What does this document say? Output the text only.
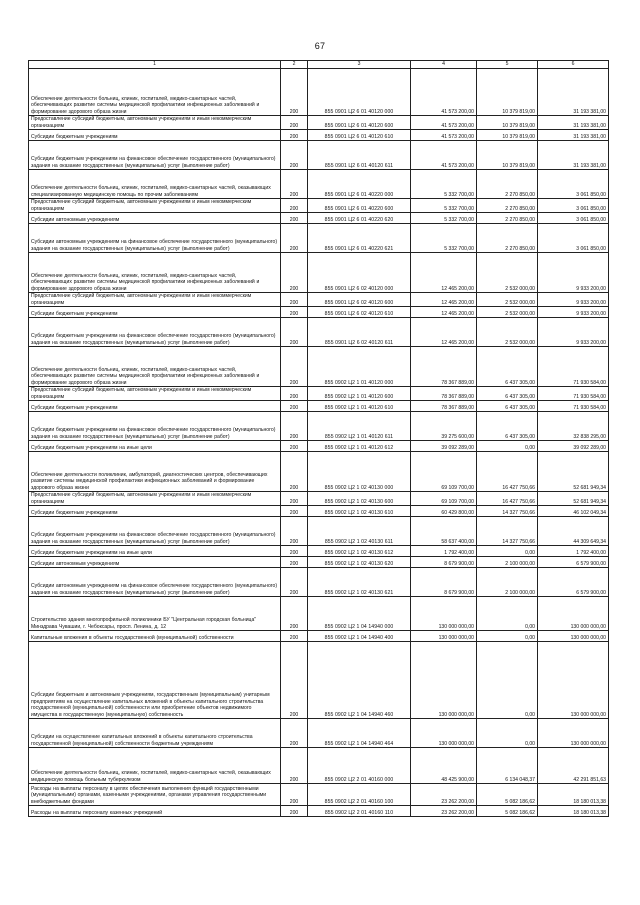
67
1	2	3	4	5	6
Обеспечение деятельности больниц, клиник, госпиталей, медико-санитарных частей, обеспечивающих развитие системы медицинской профилактики инфекционных заболеваний и формирование здорового образа жизни	200	855 0901 Ц2 6 01 40120 000	41 573 200,00	10 379 819,00	31 193 381,00
Предоставление субсидий бюджетным, автономным учреждениям и иным некоммерческим организациям	200	855 0901 Ц2 6 01 40120 600	41 573 200,00	10 379 819,00	31 193 381,00
Субсидии бюджетным учреждениям	200	855 0901 Ц2 6 01 40120 610	41 573 200,00	10 379 819,00	31 193 381,00
Субсидии бюджетным учреждениям на финансовое обеспечение государственного (муниципального) задания на оказание государственных (муниципальных) услуг (выполнение работ)	200	855 0901 Ц2 6 01 40120 611	41 573 200,00	10 379 819,00	31 193 381,00
Обеспечение деятельности больниц, клиник, госпиталей, медико-санитарных частей, оказывающих специализированную медицинскую помощь по прочим заболеваниям	200	855 0901 Ц2 6 01 40220 000	5 332 700,00	2 270 850,00	3 061 850,00
Предоставление субсидий бюджетным, автономным учреждениям и иным некоммерческим организациям	200	855 0901 Ц2 6 01 40220 600	5 332 700,00	2 270 850,00	3 061 850,00
Субсидии автономным учреждениям	200	855 0901 Ц2 6 01 40220 620	5 332 700,00	2 270 850,00	3 061 850,00
Субсидии автономным учреждениям на финансовое обеспечение государственного (муниципального) задания на оказание государственных (муниципальных) услуг (выполнение работ)	200	855 0901 Ц2 6 01 40220 621	5 332 700,00	2 270 850,00	3 061 850,00
Обеспечение деятельности больниц, клиник, госпиталей, медико-санитарных частей, обеспечивающих развитие системы медицинской профилактики инфекционных заболеваний и формирование здорового образа жизни	200	855 0901 Ц2 6 02 40120 000	12 465 200,00	2 532 000,00	9 933 200,00
Предоставление субсидий бюджетным, автономным учреждениям и иным некоммерческим организациям	200	855 0901 Ц2 6 02 40120 600	12 465 200,00	2 532 000,00	9 933 200,00
Субсидии бюджетным учреждениям	200	855 0901 Ц2 6 02 40120 610	12 465 200,00	2 532 000,00	9 933 200,00
Субсидии бюджетным учреждениям на финансовое обеспечение государственного (муниципального) задания на оказание государственных (муниципальных) услуг (выполнение работ)	200	855 0901 Ц2 6 02 40120 611	12 465 200,00	2 532 000,00	9 933 200,00
Обеспечение деятельности больниц, клиник, госпиталей, медико-санитарных частей, обеспечивающих развитие системы медицинской профилактики инфекционных заболеваний и формирование здорового образа жизни	200	855 0902 Ц2 1 01 40120 000	78 367 889,00	6 437 305,00	71 930 584,00
Предоставление субсидий бюджетным, автономным учреждениям и иным некоммерческим организациям	200	855 0902 Ц2 1 01 40120 600	78 367 889,00	6 437 305,00	71 930 584,00
Субсидии бюджетным учреждениям	200	855 0902 Ц2 1 01 40120 610	78 367 889,00	6 437 305,00	71 930 584,00
Субсидии бюджетным учреждениям на финансовое обеспечение государственного (муниципального) задания на оказание государственных (муниципальных) услуг (выполнение работ)	200	855 0902 Ц2 1 01 40120 611	39 275 600,00	6 437 305,00	32 838 295,00
Субсидии бюджетным учреждениям на иные цели	200	855 0902 Ц2 1 01 40120 612	39 092 289,00	0,00	39 092 289,00
Обеспечение деятельности поликлиник, амбулаторий, диагностических центров, обеспечивающих развитие системы медицинской профилактики инфекционных заболеваний и формирование здорового образа жизни	200	855 0902 Ц2 1 02 40130 000	69 109 700,00	16 427 750,66	52 681 949,34
Предоставление субсидий бюджетным, автономным учреждениям и иным некоммерческим организациям	200	855 0902 Ц2 1 02 40130 600	69 109 700,00	16 427 750,66	52 681 949,34
Субсидии бюджетным учреждениям	200	855 0902 Ц2 1 02 40130 610	60 429 800,00	14 327 750,66	46 102 049,34
Субсидии бюджетным учреждениям на финансовое обеспечение государственного (муниципального) задания на оказание государственных (муниципальных) услуг (выполнение работ)	200	855 0902 Ц2 1 02 40130 611	58 637 400,00	14 327 750,66	44 309 649,34
Субсидии бюджетным учреждениям на иные цели	200	855 0902 Ц2 1 02 40130 612	1 792 400,00	0,00	1 792 400,00
Субсидии автономным учреждениям	200	855 0902 Ц2 1 02 40130 620	8 679 900,00	2 100 000,00	6 579 900,00
Субсидии автономным учреждениям на финансовое обеспечение государственного (муниципального) задания на оказание государственных (муниципальных) услуг (выполнение работ)	200	855 0902 Ц2 1 02 40130 621	8 679 900,00	2 100 000,00	6 579 900,00
Строительство здания многопрофильной поликлиники БУ "Центральная городская больница" Минздрава Чувашии, г. Чебоксары, просп. Ленина, д. 12	200	855 0902 Ц2 1 04 14940 000	130 000 000,00	0,00	130 000 000,00
Капитальные вложения в объекты государственной (муниципальной) собственности	200	855 0902 Ц2 1 04 14940 400	130 000 000,00	0,00	130 000 000,00
Субсидии бюджетным и автономным учреждениям, государственным (муниципальным) унитарным предприятиям на осуществление капитальных вложений в объекты капитального строительства государственной (муниципальной) собственности или приобретение объектов недвижимого имущества в государственную (муниципальную) собственность	200	855 0902 Ц2 1 04 14940 460	130 000 000,00	0,00	130 000 000,00
Субсидии на осуществление капитальных вложений в объекты капитального строительства государственной (муниципальной) собственности бюджетным учреждениям	200	855 0902 Ц2 1 04 14940 464	130 000 000,00	0,00	130 000 000,00
Обеспечение деятельности больниц, клиник, госпиталей, медико-санитарных частей, оказывающих медицинскую помощь больным туберкулезом	200	855 0902 Ц2 2 01 40160 000	48 425 900,00	6 134 048,37	42 291 851,63
Расходы на выплаты персоналу в целях обеспечения выполнения функций государственными (муниципальными) органами, казенными учреждениями, органами управления государственными внебюджетными фондами	200	855 0902 Ц2 2 01 40160 100	23 262 200,00	5 082 186,62	18 180 013,38
Расходы на выплаты персоналу казенных учреждений	200	855 0902 Ц2 2 01 40160 110	23 262 200,00	5 082 186,62	18 180 013,38
